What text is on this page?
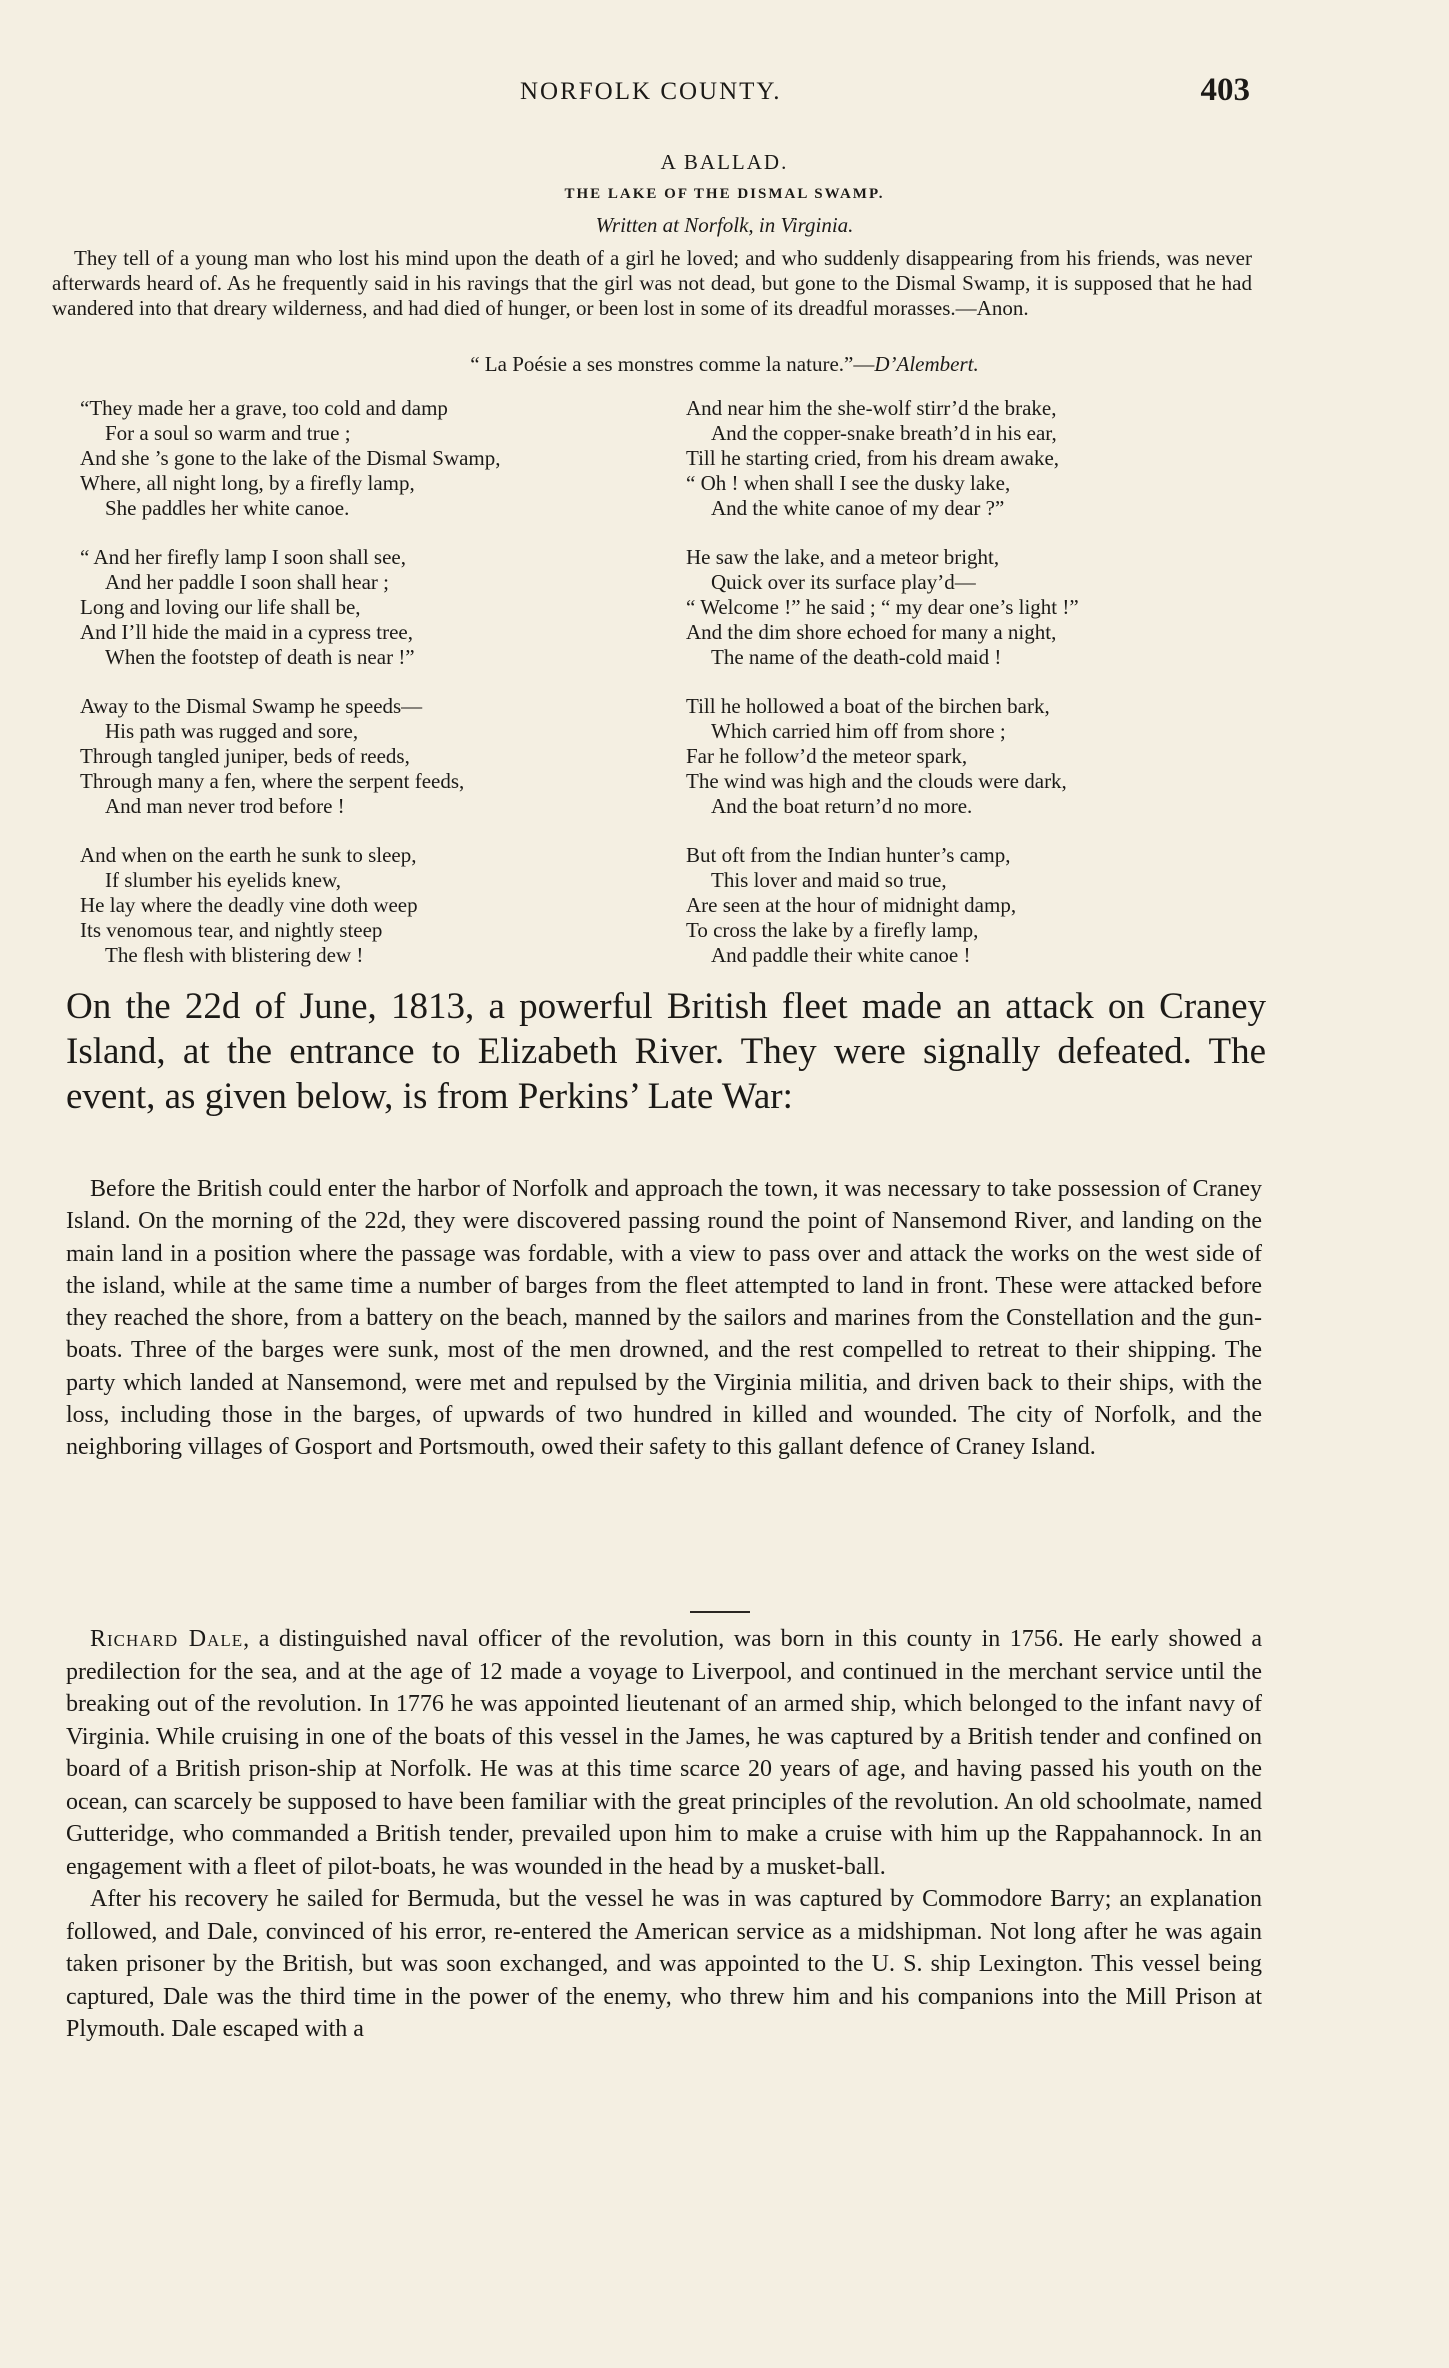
NORFOLK COUNTY.	403
A BALLAD.
THE LAKE OF THE DISMAL SWAMP.
Written at Norfolk, in Virginia.
They tell of a young man who lost his mind upon the death of a girl he loved; and who suddenly disappearing from his friends, was never afterwards heard of. As he frequently said in his ravings that the girl was not dead, but gone to the Dismal Swamp, it is supposed that he had wandered into that dreary wilderness, and had died of hunger, or been lost in some of its dreadful morasses.—Anon.
“ La Poésie a ses monstres comme la nature.”—D’Alembert.
“They made her a grave, too cold and damp
For a soul so warm and true ;
And she ’s gone to the lake of the Dismal Swamp,
Where, all night long, by a firefly lamp,
She paddles her white canoe.
“ And her firefly lamp I soon shall see,
And her paddle I soon shall hear ;
Long and loving our life shall be,
And I’ll hide the maid in a cypress tree,
When the footstep of death is near !”
Away to the Dismal Swamp he speeds—
His path was rugged and sore,
Through tangled juniper, beds of reeds,
Through many a fen, where the serpent feeds,
And man never trod before !
And when on the earth he sunk to sleep,
If slumber his eyelids knew,
He lay where the deadly vine doth weep
Its venomous tear, and nightly steep
The flesh with blistering dew !
And near him the she-wolf stirr’d the brake,
And the copper-snake breath’d in his ear,
Till he starting cried, from his dream awake,
“ Oh ! when shall I see the dusky lake,
And the white canoe of my dear ?”
He saw the lake, and a meteor bright,
Quick over its surface play’d—
“ Welcome !” he said ; “ my dear one’s light !”
And the dim shore echoed for many a night,
The name of the death-cold maid !
Till he hollowed a boat of the birchen bark,
Which carried him off from shore ;
Far he follow’d the meteor spark,
The wind was high and the clouds were dark,
And the boat return’d no more.
But oft from the Indian hunter’s camp,
This lover and maid so true,
Are seen at the hour of midnight damp,
To cross the lake by a firefly lamp,
And paddle their white canoe !
On the 22d of June, 1813, a powerful British fleet made an attack on Craney Island, at the entrance to Elizabeth River. They were signally defeated. The event, as given below, is from Perkins’ Late War:
Before the British could enter the harbor of Norfolk and approach the town, it was necessary to take possession of Craney Island. On the morning of the 22d, they were discovered passing round the point of Nansemond River, and landing on the main land in a position where the passage was fordable, with a view to pass over and attack the works on the west side of the island, while at the same time a number of barges from the fleet attempted to land in front. These were attacked before they reached the shore, from a battery on the beach, manned by the sailors and marines from the Constellation and the gun-boats. Three of the barges were sunk, most of the men drowned, and the rest compelled to retreat to their shipping. The party which landed at Nansemond, were met and repulsed by the Virginia militia, and driven back to their ships, with the loss, including those in the barges, of upwards of two hundred in killed and wounded. The city of Norfolk, and the neighboring villages of Gosport and Portsmouth, owed their safety to this gallant defence of Craney Island.

Richard Dale, a distinguished naval officer of the revolution, was born in this county in 1756. He early showed a predilection for the sea, and at the age of 12 made a voyage to Liverpool, and continued in the merchant service until the breaking out of the revolution. In 1776 he was appointed lieutenant of an armed ship, which belonged to the infant navy of Virginia. While cruising in one of the boats of this vessel in the James, he was captured by a British tender and confined on board of a British prison-ship at Norfolk. He was at this time scarce 20 years of age, and having passed his youth on the ocean, can scarcely be supposed to have been familiar with the great principles of the revolution. An old schoolmate, named Gutteridge, who commanded a British tender, prevailed upon him to make a cruise with him up the Rappahannock. In an engagement with a fleet of pilot-boats, he was wounded in the head by a musket-ball.

After his recovery he sailed for Bermuda, but the vessel he was in was captured by Commodore Barry; an explanation followed, and Dale, convinced of his error, re-entered the American service as a midshipman. Not long after he was again taken prisoner by the British, but was soon exchanged, and was appointed to the U. S. ship Lexington. This vessel being captured, Dale was the third time in the power of the enemy, who threw him and his companions into the Mill Prison at Plymouth. Dale escaped with a
